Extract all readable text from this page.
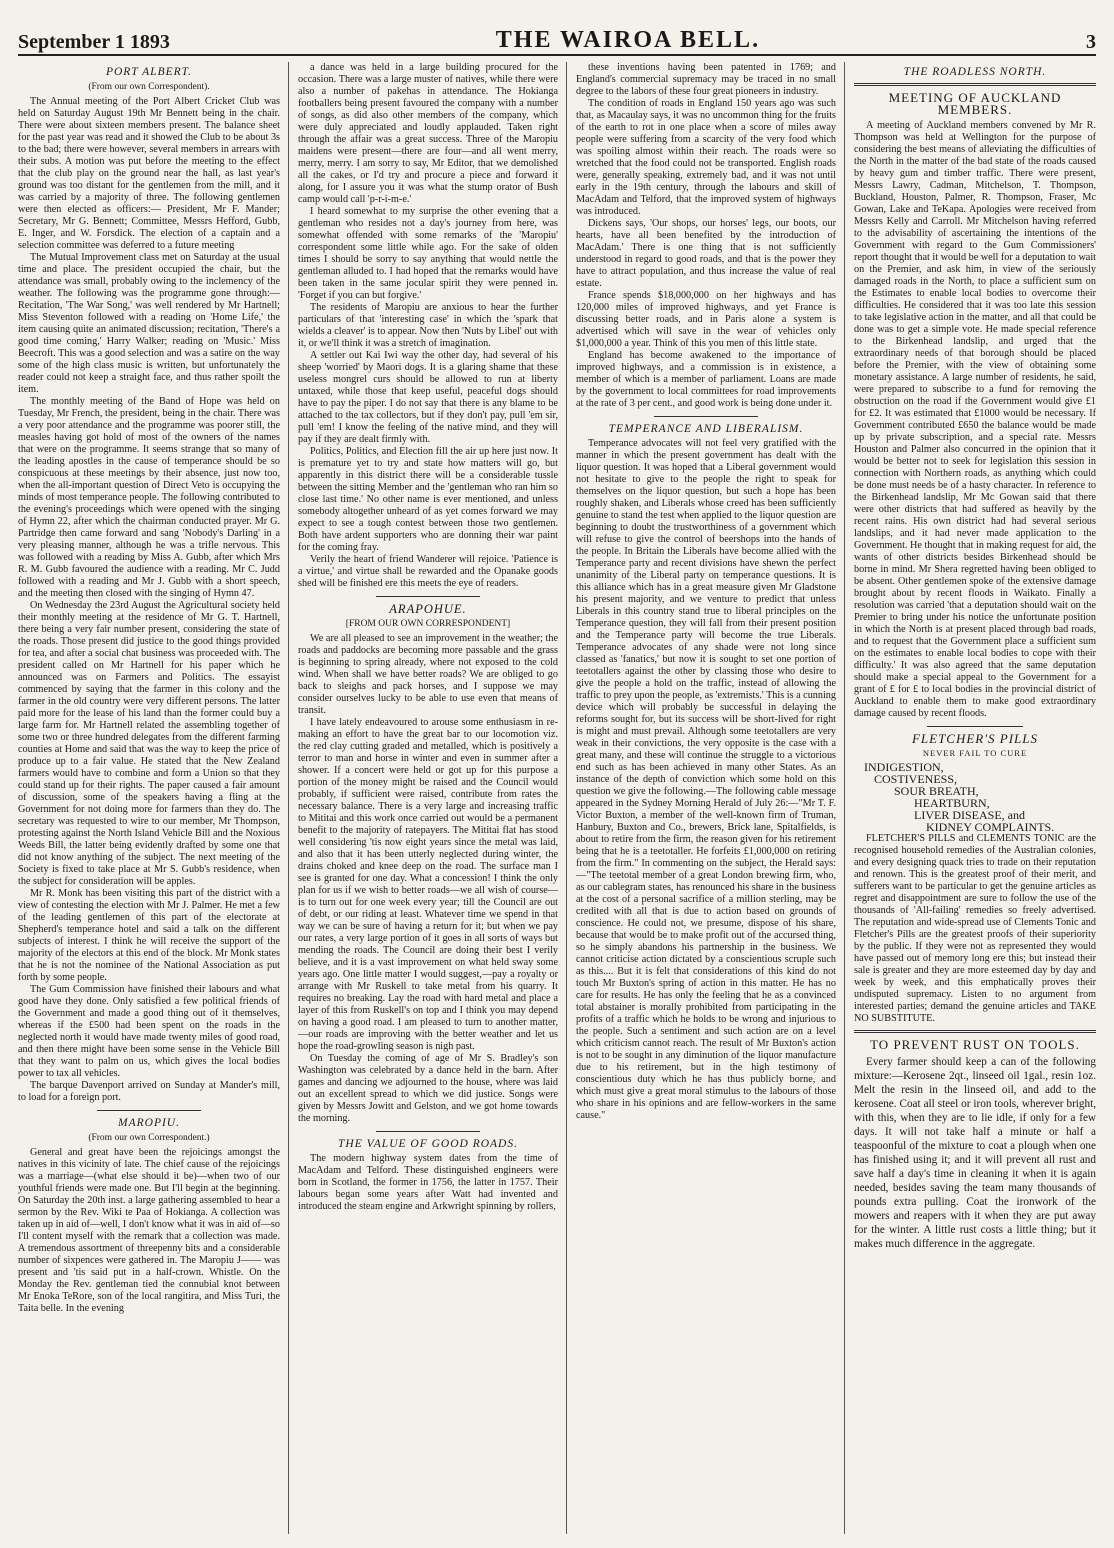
September 1 1893	THE WAIROA BELL.	3
PORT ALBERT.
(From our own Correspondent).

The Annual meeting of the Port Albert Cricket Club was held on Saturday August 19th Mr Bennett being in the chair. There were about sixteen members present. The balance sheet for the past year was read and it showed the Club to be about 3s to the bad; there were however, several members in arrears with their subs. A motion was put before the meeting to the effect that the club play on the ground near the hall, as last year's ground was too distant for the gentlemen from the mill, and it was carried by a majority of three. The following gentlemen were then elected as officers:— President, Mr F. Mander; Secretary, Mr G. Bennett; Committee, Messrs Hefford, Gubb, E. Inger, and W. Forsdick. The election of a captain and a selection committee was deferred to a future meeting

The Mutual Improvement class met on Saturday at the usual time and place. The president occupied the chair, but the attendance was small, probably owing to the inclemency of the weather. The following was the programme gone through:—Recitation, 'The War Song,' was well rendered by Mr Hartnell; Miss Steventon followed with a reading on 'Home Life,' the item causing quite an animated discussion; recitation, 'There's a good time coming,' Harry Walker; reading on 'Music.' Miss Beecroft. This was a good selection and was a satire on the way some of the high class music is written, but unfortunately the reader could not keep a straight face, and thus rather spoilt the item.

The monthly meeting of the Band of Hope was held on Tuesday, Mr French, the president, being in the chair. There was a very poor attendance and the programme was poorer still, the measles having got hold of most of the owners of the names that were on the programme. It seems strange that so many of the leading apostles in the cause of temperance should be so conspicuous at these meetings by their absence, just now too, when the all-important question of Direct Veto is occupying the minds of most temperance people. The following contributed to the evening's proceedings which were opened with the singing of Hymn 22, after which the chairman conducted prayer. Mr G. Partridge then came forward and sang 'Nobody's Darling' in a very pleasing manner, although he was a trifle nervous. This was followed with a reading by Miss A. Gubb, after which Mrs R. M. Gubb favoured the audience with a reading. Mr C. Judd followed with a reading and Mr J. Gubb with a short speech, and the meeting then closed with the singing of Hymn 47.

On Wednesday the 23rd August the Agricultural society held their monthly meeting at the residence of Mr G. T. Hartnell, there being a very fair number present, considering the state of the roads. Those present did justice to the good things provided for tea, and after a social chat business was proceeded with. The president called on Mr Hartnell for his paper which he announced was on Farmers and Politics. The essayist commenced by saying that the farmer in this colony and the farmer in the old country were very different persons. The latter paid more for the lease of his land than the former could buy a large farm for. Mr Hartnell related the assembling together of some two or three hundred delegates from the different farming counties at Home and said that was the way to keep the price of produce up to a fair value. He stated that the New Zealand farmers would have to combine and form a Union so that they could stand up for their rights. The paper caused a fair amount of discussion, some of the speakers having a fling at the Government for not doing more for farmers than they do. The secretary was requested to wire to our member, Mr Thompson, protesting against the North Island Vehicle Bill and the Noxious Weeds Bill, the latter being evidently drafted by some one that did not know anything of the subject. The next meeting of the Society is fixed to take place at Mr S. Gubb's residence, when the subject for consideration will be apples.

Mr R. Monk has been visiting this part of the district with a view of contesting the election with Mr J. Palmer. He met a few of the leading gentlemen of this part of the electorate at Shepherd's temperance hotel and said a talk on the different subjects of interest. I think he will receive the support of the majority of the electors at this end of the block. Mr Monk states that he is not the nominee of the National Association as put forth by some people.

The Gum Commission have finished their labours and what good have they done. Only satisfied a few political friends of the Government and made a good thing out of it themselves, whereas if the £500 had been spent on the roads in the neglected north it would have made twenty miles of good road, and then there might have been some sense in the Vehicle Bill that they want to palm on us, which gives the local bodies power to tax all vehicles.

The barque Davenport arrived on Sunday at Mander's mill, to load for a foreign port.

MAROPIU.
(From our own Correspondent.)

General and great have been the rejoicings amongst the natives in this vicinity of late. The chief cause of the rejoicings was a marriage—(what else should it be)—when two of our youthful friends were made one. But I'll begin at the beginning. On Saturday the 20th inst. a large gathering assembled to hear a sermon by the Rev. Wiki te Paa of Hokianga. A collection was taken up in aid of—well, I don't know what it was in aid of—so I'll content myself with the remark that a collection was made. A tremendous assortment of threepenny bits and a considerable number of sixpences were gathered in. The Maropiu J—— was present and 'tis said put in a half-crown. Whistle. On the Monday the Rev. gentleman tied the connubial knot between Mr Enoka TeRore, son of the local rangitira, and Miss Turi, the Taita belle. In the evening

a dance was held in a large building procured for the occasion. There was a large muster of natives, while there were also a number of pakehas in attendance. The Hokianga footballers being present favoured the company with a number of songs, as did also other members of the company, which were duly appreciated and loudly applauded. Taken right through the affair was a great success. Three of the Maropiu maidens were present—there are four—and all went merry, merry, merry. I am sorry to say, Mr Editor, that we demolished all the cakes, or I'd try and procure a piece and forward it along, for I assure you it was what the stump orator of Bush camp would call 'p-r-i-m-e.'

I heard somewhat to my surprise the other evening that a gentleman who resides not a day's journey from here, was somewhat offended with some remarks of the 'Maropiu' correspondent some little while ago. For the sake of olden times I should be sorry to say anything that would nettle the gentleman alluded to. I had hoped that the remarks would have been taken in the same jocular spirit they were penned in. 'Forget if you can but forgive.'

The residents of Maropiu are anxious to hear the further particulars of that 'interesting case' in which the 'spark that wields a cleaver' is to appear. Now then 'Nuts by Libel' out with it, or we'll think it was a stretch of imagination.

A settler out Kai Iwi way the other day, had several of his sheep 'worried' by Maori dogs. It is a glaring shame that these useless mongrel curs should be allowed to run at liberty untaxed, while those that keep useful, peaceful dogs should have to pay the piper. I do not say that there is any blame to be attached to the tax collectors, but if they don't pay, pull 'em sir, pull 'em! I know the feeling of the native mind, and they will pay if they are dealt firmly with.

Politics, Politics, and Election fill the air up here just now. It is premature yet to try and state how matters will go, but apparently in this district there will be a considerable tussle between the sitting Member and the 'gentleman who ran him so close last time.' No other name is ever mentioned, and unless somebody altogether unheard of as yet comes forward we may expect to see a tough contest between those two gentlemen. Both have ardent supporters who are donning their war paint for the coming fray.

Verily the heart of friend Wanderer will rejoice. 'Patience is a virtue,' and virtue shall be rewarded and the Opanake goods shed will be finished ere this meets the eye of readers.

ARAPOHUE.
[FROM OUR OWN CORRESPONDENT]

We are all pleased to see an improvement in the weather; the roads and paddocks are becoming more passable and the grass is beginning to spring already, where not exposed to the cold wind. When shall we have better roads? We are obliged to go back to sleighs and pack horses, and I suppose we may consider ourselves lucky to be able to use even that means of transit.

I have lately endeavoured to arouse some enthusiasm in re-making an effort to have the great bar to our locomotion viz. the red clay cutting graded and metalled, which is positively a terror to man and horse in winter and even in summer after a shower. If a concert were held or got up for this purpose a portion of the money might be raised and the Council would probably, if sufficient were raised, contribute from rates the necessary balance. There is a very large and increasing traffic to Mititai and this work once carried out would be a permanent benefit to the majority of ratepayers. The Mititai flat has stood well considering 'tis now eight years since the metal was laid, and also that it has been utterly neglected during winter, the drains choked and knee deep on the road. The surface man I see is granted for one day. What a concession! I think the only plan for us if we wish to better roads—we all wish of course—is to turn out for one week every year; till the Council are out of debt, or our riding at least. Whatever time we spend in that way we can be sure of having a return for it; but when we pay our rates, a very large portion of it goes in all sorts of ways but mending the roads. The Council are doing their best I verily believe, and it is a vast improvement on what held sway some years ago. One little matter I would suggest,—pay a royalty or arrange with Mr Ruskell to take metal from his quarry. It requires no breaking. Lay the road with hard metal and place a layer of this from Ruskell's on top and I think you may depend on having a good road. I am pleased to turn to another matter,—our roads are improving with the better weather and let us hope the road-growling season is nigh past.

On Tuesday the coming of age of Mr S. Bradley's son Washington was celebrated by a dance held in the barn. After games and dancing we adjourned to the house, where was laid out an excellent spread to which we did justice. Songs were given by Messrs Jowitt and Gelston, and we got home towards the morning.

THE VALUE OF GOOD ROADS.

The modern highway system dates from the time of MacAdam and Telford. These distinguished engineers were born in Scotland, the former in 1756, the latter in 1757. Their labours began some years after Watt had invented and introduced the steam engine and Arkwright spinning by rollers,

these inventions having been patented in 1769; and England's commercial supremacy may be traced in no small degree to the labors of these four great pioneers in industry.

The condition of roads in England 150 years ago was such that, as Macaulay says, it was no uncommon thing for the fruits of the earth to rot in one place when a score of miles away people were suffering from a scarcity of the very food which was spoiling almost within their reach. The roads were so wretched that the food could not be transported. English roads were, generally speaking, extremely bad, and it was not until early in the 19th century, through the labours and skill of MacAdam and Telford, that the improved system of highways was introduced.

Dickens says, 'Our shops, our horses' legs, our boots, our hearts, have all been benefited by the introduction of MacAdam.' There is one thing that is not sufficiently understood in regard to good roads, and that is the power they have to attract population, and thus increase the value of real estate.

France spends $18,000,000 on her highways and has 120,000 miles of improved highways, and yet France is discussing better roads, and in Paris alone a system is advertised which will save in the wear of vehicles only $1,000,000 a year. Think of this you men of this little state.

England has become awakened to the importance of improved highways, and a commission is in existence, a member of which is a member of parliament. Loans are made by the government to local committees for road improvements at the rate of 3 per cent., and good work is being done under it.

TEMPERANCE AND LIBERALISM.

Temperance advocates will not feel very gratified with the manner in which the present government has dealt with the liquor question. It was hoped that a Liberal government would not hesitate to give to the people the right to speak for themselves on the liquor question, but such a hope has been roughly shaken, and Liberals whose creed has been sufficiently genuine to stand the test when applied to the liquor question are beginning to doubt the trustworthiness of a government which will refuse to give the control of beershops into the hands of the people. In Britain the Liberals have become allied with the Temperance party and recent divisions have shewn the perfect unanimity of the Liberal party on temperance questions. It is this alliance which has in a great measure given Mr Gladstone his present majority, and we venture to predict that unless Liberals in this country stand true to liberal principles on the Temperance question, they will fall from their present position and the Temperance party will become the true Liberals. Temperance advocates of any shade were not long since classed as 'fanatics,' but now it is sought to set one portion of teetotallers against the other by classing those who desire to give the people a hold on the traffic, instead of allowing the traffic to prey upon the people, as 'extremists.' This is a cunning device which will probably be successful in delaying the reforms sought for, but its success will be short-lived for right is might and must prevail. Although some teetotallers are very weak in their convictions, the very opposite is the case with a great many, and these will continue the struggle to a victorious end such as has been achieved in many other States. As an instance of the depth of conviction which some hold on this question we give the following.—The following cable message appeared in the Sydney Morning Herald of July 26:—"Mr T. F. Victor Buxton, a member of the well-known firm of Truman, Hanbury, Buxton and Co., brewers, Brick lane, Spitalfields, is about to retire from the firm, the reason given for his retirement being that he is a teetotaller. He forfeits £1,000,000 on retiring from the firm." In commenting on the subject, the Herald says:—"The teetotal member of a great London brewing firm, who, as our cablegram states, has renounced his share in the business at the cost of a personal sacrifice of a million sterling, may be credited with all that is due to action based on grounds of conscience. He could not, we presume, dispose of his share, because that would be to make profit out of the accursed thing, so he simply abandons his partnership in the business. We cannot criticise action dictated by a conscientious scruple such as this.... But it is felt that considerations of this kind do not touch Mr Buxton's spring of action in this matter. He has no care for results. He has only the feeling that he as a convinced total abstainer is morally prohibited from participating in the profits of a traffic which he holds to be wrong and injurious to the people. Such a sentiment and such action are on a level which criticism cannot reach. The result of Mr Buxton's action is not to be sought in any diminution of the liquor manufacture due to his retirement, but in the high testimony of conscientious duty which he has thus publicly borne, and which must give a great moral stimulus to the labours of those who share in his opinions and are fellow-workers in the same cause."

THE ROADLESS NORTH.
MEETING OF AUCKLAND MEMBERS.

A meeting of Auckland members convened by Mr R. Thompson was held at Wellington for the purpose of considering the best means of alleviating the difficulties of the North in the matter of the bad state of the roads caused by heavy gum and timber traffic. There were present, Messrs Lawry, Cadman, Mitchelson, T. Thompson, Buckland, Houston, Palmer, R. Thompson, Fraser, Mc Gowan, Lake and TeKapa. Apologies were received from Messrs Kelly and Carroll. Mr Mitchelson having referred to the advisability of ascertaining the intentions of the Government with regard to the Gum Commissioners' report thought that it would be well for a deputation to wait on the Premier, and ask him, in view of the seriously damaged roads in the North, to place a sufficient sum on the Estimates to enable local bodies to overcome their difficulties. He considered that it was too late this session to take legislative action in the matter, and all that could be done was to get a simple vote. He made special reference to the Birkenhead landslip, and urged that the extraordinary needs of that borough should be placed before the Premier, with the view of obtaining some monetary assistance. A large number of residents, he said, were prepared to subscribe to a fund for removing the obstruction on the road if the Government would give £1 for £2. It was estimated that £1000 would be necessary. If Government contributed £650 the balance would be made up by private subscription, and a special rate. Messrs Houston and Palmer also concurred in the opinion that it would be better not to seek for legislation this session in connection with Northern roads, as anything which could be done must needs be of a hasty character. In reference to the Birkenhead landslip, Mr Mc Gowan said that there were other districts that had suffered as heavily by the recent rains. His own district had had several serious landslips, and it had never made application to the Government. He thought that in making request for aid, the wants of other districts besides Birkenhead should be borne in mind. Mr Shera regretted having been obliged to be absent. Other gentlemen spoke of the extensive damage brought about by recent floods in Waikato. Finally a resolution was carried 'that a deputation should wait on the Premier to bring under his notice the unfortunate position in which the North is at present placed through bad roads, and to request that the Government place a sufficient sum on the estimates to enable local bodies to cope with their difficulty.' It was also agreed that the same deputation should make a special appeal to the Government for a grant of £ for £ to local bodies in the provincial district of Auckland to enable them to make good extraordinary damage caused by recent floods.

FLETCHER'S PILLS
NEVER FAIL TO CURE
INDIGESTION,
COSTIVENESS,
SOUR BREATH,
HEARTBURN,
LIVER DISEASE, and
KIDNEY COMPLAINTS.

FLETCHER'S PILLS and CLEMENTS TONIC are the recognised household remedies of the Australian colonies, and every designing quack tries to trade on their reputation and renown. This is the greatest proof of their merit, and sufferers want to be particular to get the genuine articles as regret and disappointment are sure to follow the use of the thousands of 'All-failing' remedies so freely advertised. The reputation and wide-spread use of Clements Tonic and Fletcher's Pills are the greatest proofs of their superiority by the public. If they were not as represented they would have passed out of memory long ere this; but instead their sale is greater and they are more esteemed day by day and week by week, and this emphatically proves their undisputed supremacy. Listen to no argument from interested parties; demand the genuine articles and TAKE NO SUBSTITUTE.

TO PREVENT RUST ON TOOLS.

Every farmer should keep a can of the following mixture:—Kerosene 2qt., linseed oil 1gal., resin 1oz. Melt the resin in the linseed oil, and add to the kerosene. Coat all steel or iron tools, wherever bright, with this, when they are to lie idle, if only for a few days. It will not take half a minute or half a teaspoonful of the mixture to coat a plough when one has finished using it; and it will prevent all rust and save half a day's time in cleaning it when it is again needed, besides saving the team many thousands of pounds extra pulling. Coat the ironwork of the mowers and reapers with it when they are put away for the winter. A little rust costs a little thing; but it makes much difference in the aggregate.
